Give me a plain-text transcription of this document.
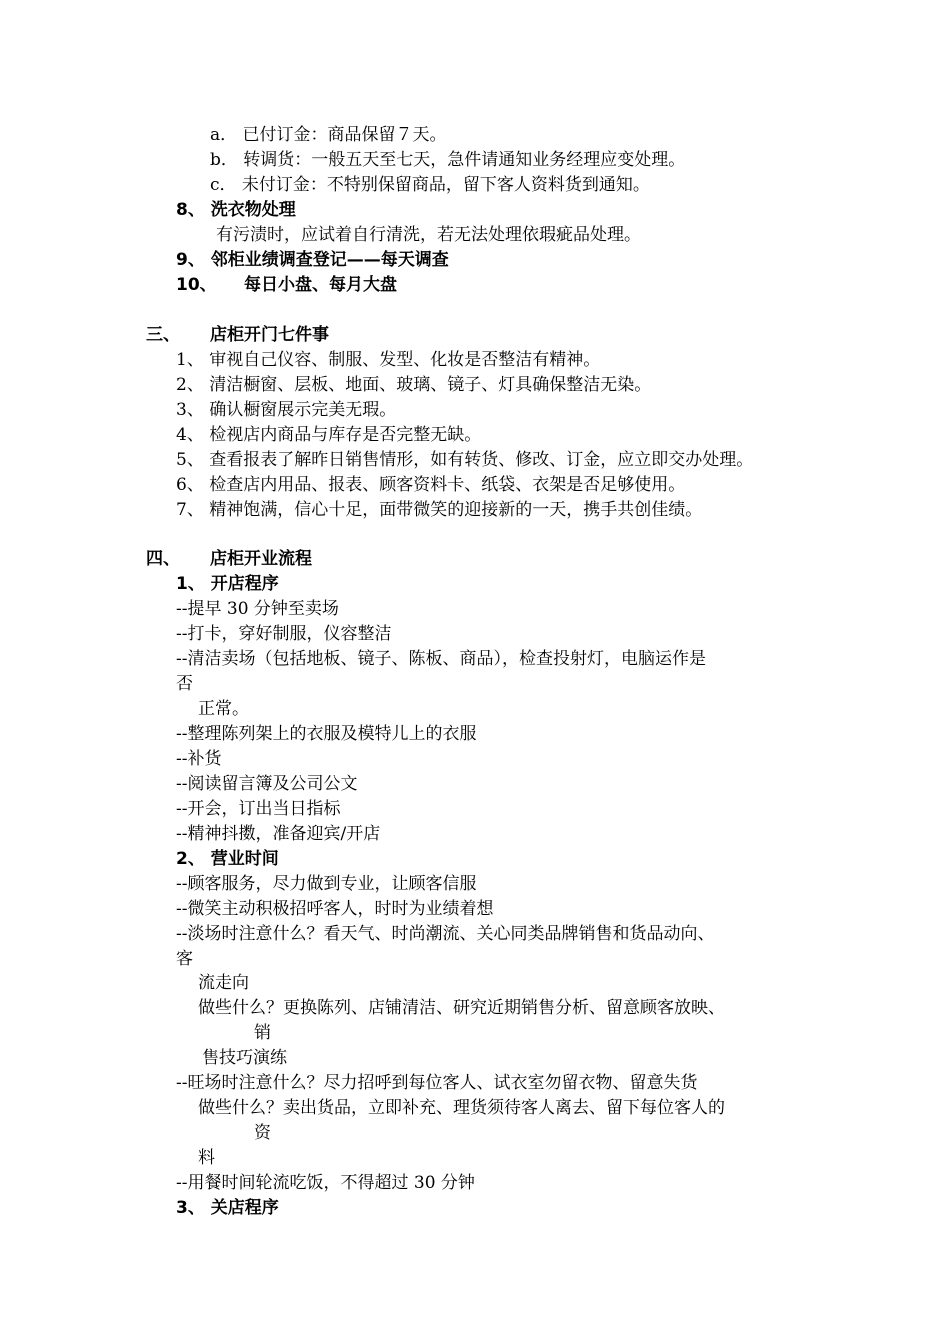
a． 已付订金：商品保留７天。
b． 转调货：一般五天至七天，急件请通知业务经理应变处理。
c． 未付订金：不特别保留商品，留下客人资料货到通知。
8、 洗衣物处理
有污渍时，应试着自行清洗，若无法处理依瑕疵品处理。
9、 邻柜业绩调查登记——每天调查
10、 每日小盘、每月大盘
三、 店柜开门七件事
1、 审视自己仪容、制服、发型、化妆是否整洁有精神。
2、 清洁橱窗、层板、地面、玻璃、镜子、灯具确保整洁无染。
3、 确认橱窗展示完美无瑕。
4、 检视店内商品与库存是否完整无缺。
5、 查看报表了解昨日销售情形，如有转货、修改、订金，应立即交办处理。
6、 检查店内用品、报表、顾客资料卡、纸袋、衣架是否足够使用。
7、 精神饱满，信心十足，面带微笑的迎接新的一天，携手共创佳绩。
四、 店柜开业流程
1、 开店程序
--提早 30 分钟至卖场
--打卡，穿好制服，仪容整洁
--清洁卖场（包括地板、镜子、陈板、商品），检查投射灯，电脑运作是
否
正常。
--整理陈列架上的衣服及模特儿上的衣服
--补货
--阅读留言簿及公司公文
--开会，订出当日指标
--精神抖擞，准备迎宾/开店
2、 营业时间
--顾客服务，尽力做到专业，让顾客信服
--微笑主动积极招呼客人，时时为业绩着想
--淡场时注意什么？看天气、时尚潮流、关心同类品牌销售和货品动向、
客
流走向
做些什么？更换陈列、店铺清洁、研究近期销售分析、留意顾客放映、
销
售技巧演练
--旺场时注意什么？尽力招呼到每位客人、试衣室勿留衣物、留意失货
做些什么？卖出货品，立即补充、理货须待客人离去、留下每位客人的
资
料
--用餐时间轮流吃饭，不得超过 30 分钟
3、 关店程序
